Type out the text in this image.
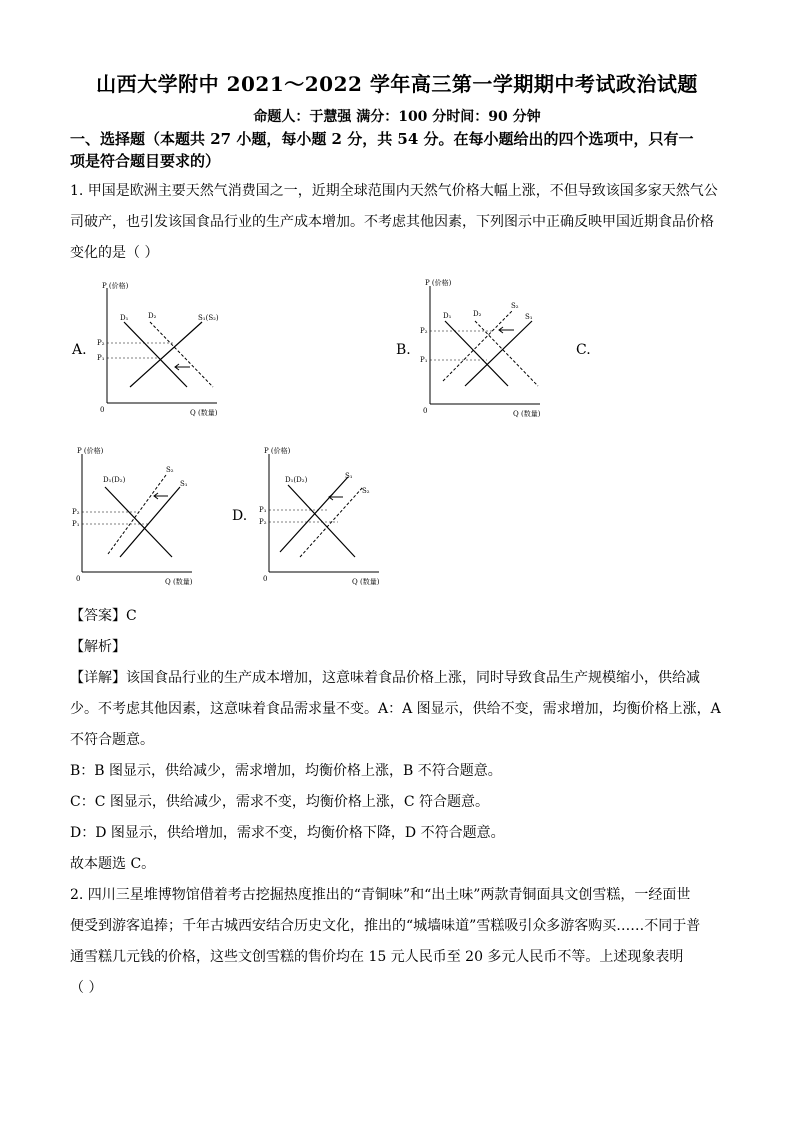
山西大学附中 2021～2022 学年高三第一学期期中考试政治试题
命题人：于慧强 满分：100 分时间：90 分钟
一、选择题（本题共 27 小题，每小题 2 分，共 54 分。在每小题给出的四个选项中，只有一
项是符合题目要求的）
1. 甲国是欧洲主要天然气消费国之一，近期全球范围内天然气价格大幅上涨，不但导致该国多家天然气公
司破产，也引发该国食品行业的生产成本增加。不考虑其他因素，下列图示中正确反映甲国近期食品价格
变化的是（ ）
A.	B.	C.
D.
P (价格)
0	Q (数量)
D₁	D₂	S₁(S₂)
P₂
P₁
P (价格)
0	Q (数量)
D₁	D₂
S₂
S₁
P₂
P₁
P (价格)
0	Q (数量)
D₁(D₂)
S₂
S₁
P₂
P₁
P (价格)
0	Q (数量)
D₁(D₂)	S₁
S₂
P₁
P₂
【答案】C
【解析】
【详解】该国食品行业的生产成本增加，这意味着食品价格上涨，同时导致食品生产规模缩小，供给减
少。不考虑其他因素，这意味着食品需求量不变。A：A 图显示，供给不变，需求增加，均衡价格上涨，A
不符合题意。
B：B 图显示，供给减少，需求增加，均衡价格上涨，B 不符合题意。
C：C 图显示，供给减少，需求不变，均衡价格上涨，C 符合题意。
D：D 图显示，供给增加，需求不变，均衡价格下降，D 不符合题意。
故本题选 C。
2. 四川三星堆博物馆借着考古挖掘热度推出的“青铜味”和“出土味”两款青铜面具文创雪糕，一经面世
便受到游客追捧；千年古城西安结合历史文化，推出的“城墙味道”雪糕吸引众多游客购买……不同于普
通雪糕几元钱的价格，这些文创雪糕的售价均在 15 元人民币至 20 多元人民币不等。上述现象表明
（ ）
